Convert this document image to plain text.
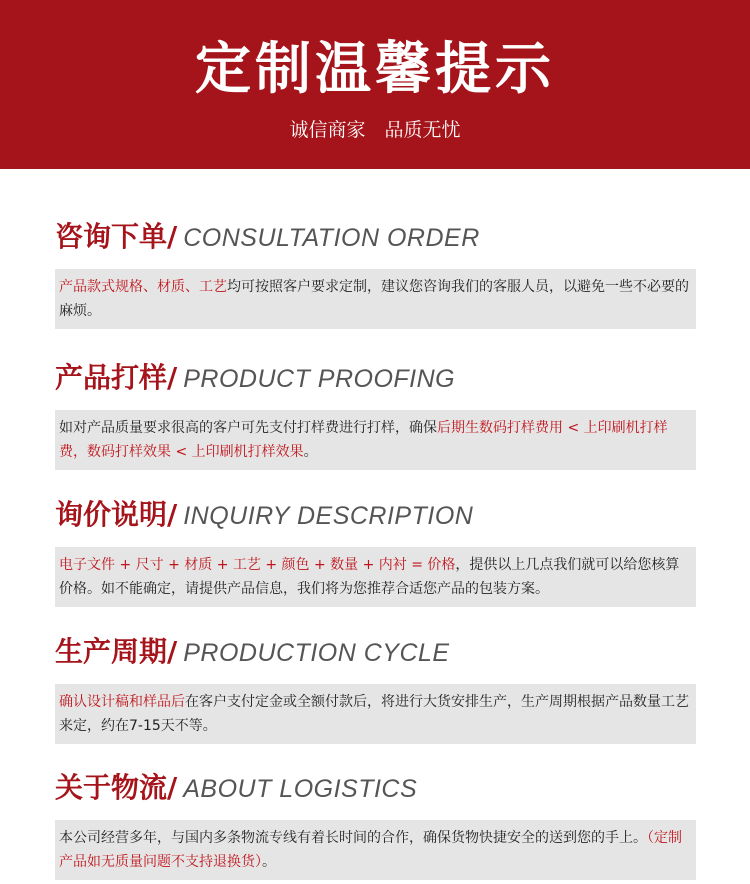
定制温馨提示
诚信商家　品质无忧
咨询下单/ CONSULTATION ORDER
产品款式规格、材质、工艺均可按照客户要求定制，建议您咨询我们的客服人员，以避免一些不必要的麻烦。
产品打样/ PRODUCT PROOFING
如对产品质量要求很高的客户可先支付打样费进行打样，确保后期生数码打样费用 < 上印刷机打样费，数码打样效果 < 上印刷机打样效果。
询价说明/ INQUIRY DESCRIPTION
电子文件 + 尺寸 + 材质 + 工艺 + 颜色 + 数量 + 内衬 = 价格，提供以上几点我们就可以给您核算价格。如不能确定，请提供产品信息，我们将为您推荐合适您产品的包装方案。
生产周期/ PRODUCTION CYCLE
确认设计稿和样品后在客户支付定金或全额付款后，将进行大货安排生产，生产周期根据产品数量工艺来定，约在7-15天不等。
关于物流/ ABOUT LOGISTICS
本公司经营多年，与国内多条物流专线有着长时间的合作，确保货物快捷安全的送到您的手上。（定制产品如无质量问题不支持退换货）。
